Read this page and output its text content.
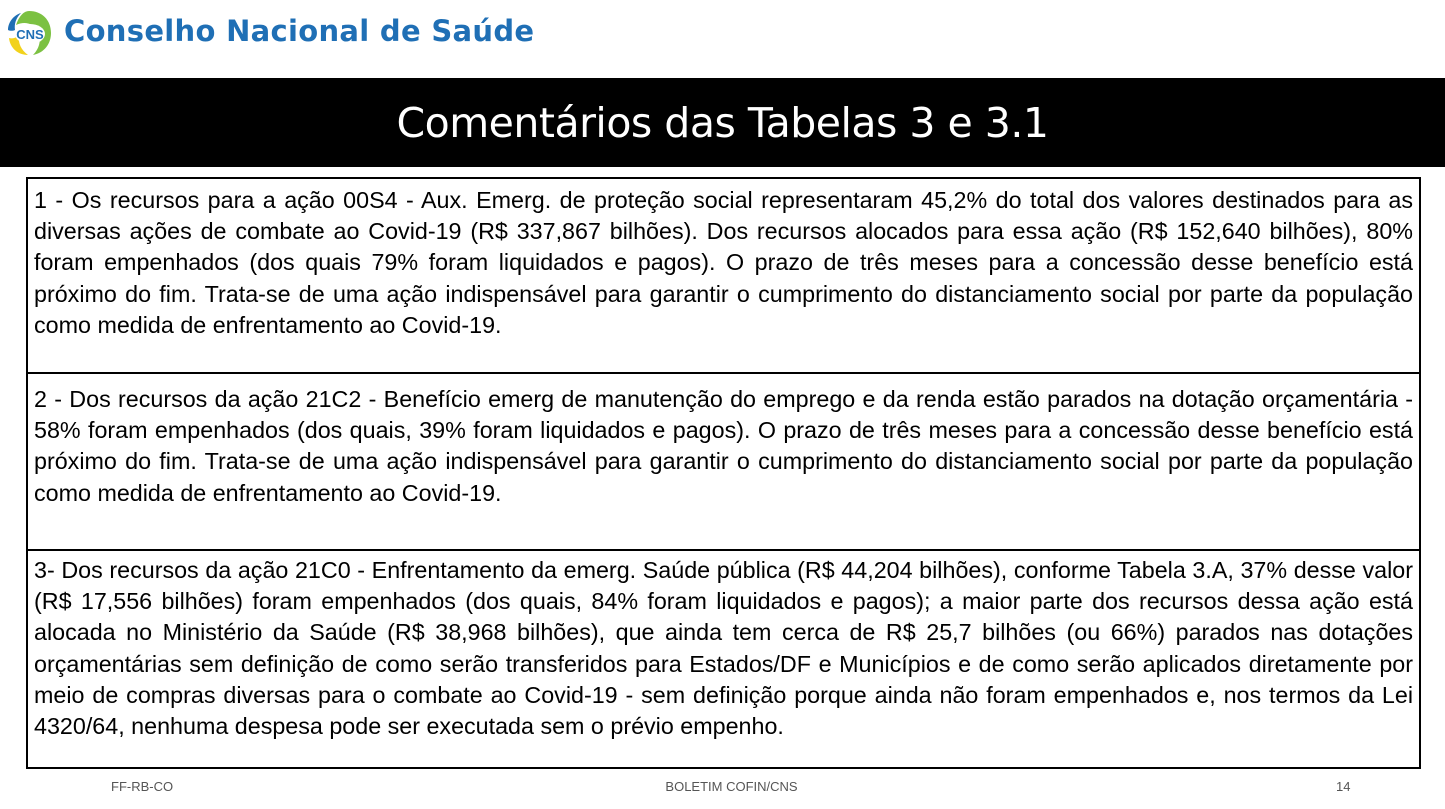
CNS Conselho Nacional de Saúde
Comentários das Tabelas 3 e 3.1
1 - Os recursos para a ação 00S4 - Aux. Emerg. de proteção social representaram 45,2% do total dos valores destinados para as diversas ações de combate ao Covid-19 (R$ 337,867 bilhões). Dos recursos alocados para essa ação (R$ 152,640 bilhões), 80% foram empenhados (dos quais 79% foram liquidados e pagos). O prazo de três meses para a concessão desse benefício está próximo do fim. Trata-se de uma ação indispensável para garantir o cumprimento do distanciamento social por parte da população como medida de enfrentamento ao Covid-19.
2 - Dos recursos da ação 21C2 - Benefício emerg de manutenção do emprego e da renda estão parados na dotação orçamentária - 58% foram empenhados (dos quais, 39% foram liquidados e pagos). O prazo de três meses para a concessão desse benefício está próximo do fim. Trata-se de uma ação indispensável para garantir o cumprimento do distanciamento social por parte da população como medida de enfrentamento ao Covid-19.
3- Dos recursos da ação 21C0 - Enfrentamento da emerg. Saúde pública (R$ 44,204 bilhões), conforme Tabela 3.A, 37% desse valor (R$ 17,556 bilhões) foram empenhados (dos quais, 84% foram liquidados e pagos); a maior parte dos recursos dessa ação está alocada no Ministério da Saúde (R$ 38,968 bilhões), que ainda tem cerca de R$ 25,7 bilhões (ou 66%) parados nas dotações orçamentárias sem definição de como serão transferidos para Estados/DF e Municípios e de como serão aplicados diretamente por meio de compras diversas para o combate ao Covid-19 - sem definição porque ainda não foram empenhados e, nos termos da Lei 4320/64, nenhuma despesa pode ser executada sem o prévio empenho.
FF-RB-CO	BOLETIM COFIN/CNS	14
